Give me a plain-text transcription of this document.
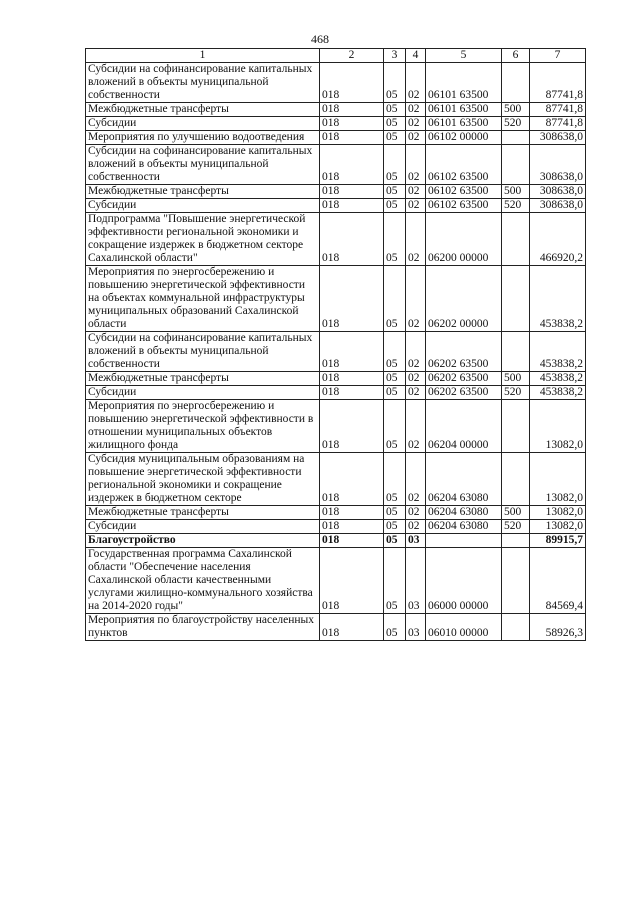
468
1	2	3	4	5	6	7
Субсидии на софинансирование капитальных вложений в объекты муниципальной собственности	018	05	02	06101 63500		87741,8
Межбюджетные трансферты	018	05	02	06101 63500	500	87741,8
Субсидии	018	05	02	06101 63500	520	87741,8
Мероприятия по улучшению водоотведения	018	05	02	06102 00000		308638,0
Субсидии на софинансирование капитальных вложений в объекты муниципальной собственности	018	05	02	06102 63500		308638,0
Межбюджетные трансферты	018	05	02	06102 63500	500	308638,0
Субсидии	018	05	02	06102 63500	520	308638,0
Подпрограмма "Повышение энергетической эффективности региональной экономики и сокращение издержек в бюджетном секторе Сахалинской области"	018	05	02	06200 00000		466920,2
Мероприятия по энергосбережению и повышению энергетической эффективности на объектах коммунальной инфраструктуры муниципальных образований Сахалинской области	018	05	02	06202 00000		453838,2
Субсидии на софинансирование капитальных вложений в объекты муниципальной собственности	018	05	02	06202 63500		453838,2
Межбюджетные трансферты	018	05	02	06202 63500	500	453838,2
Субсидии	018	05	02	06202 63500	520	453838,2
Мероприятия по энергосбережению и повышению энергетической эффективности в отношении муниципальных объектов жилищного фонда	018	05	02	06204 00000		13082,0
Субсидия муниципальным образованиям на повышение энергетической эффективности региональной экономики и сокращение издержек в бюджетном секторе	018	05	02	06204 63080		13082,0
Межбюджетные трансферты	018	05	02	06204 63080	500	13082,0
Субсидии	018	05	02	06204 63080	520	13082,0
Благоустройство	018	05	03			89915,7
Государственная программа Сахалинской области "Обеспечение населения Сахалинской области качественными услугами жилищно-коммунального хозяйства на 2014-2020 годы"	018	05	03	06000 00000		84569,4
Мероприятия по благоустройству населенных пунктов	018	05	03	06010 00000		58926,3
